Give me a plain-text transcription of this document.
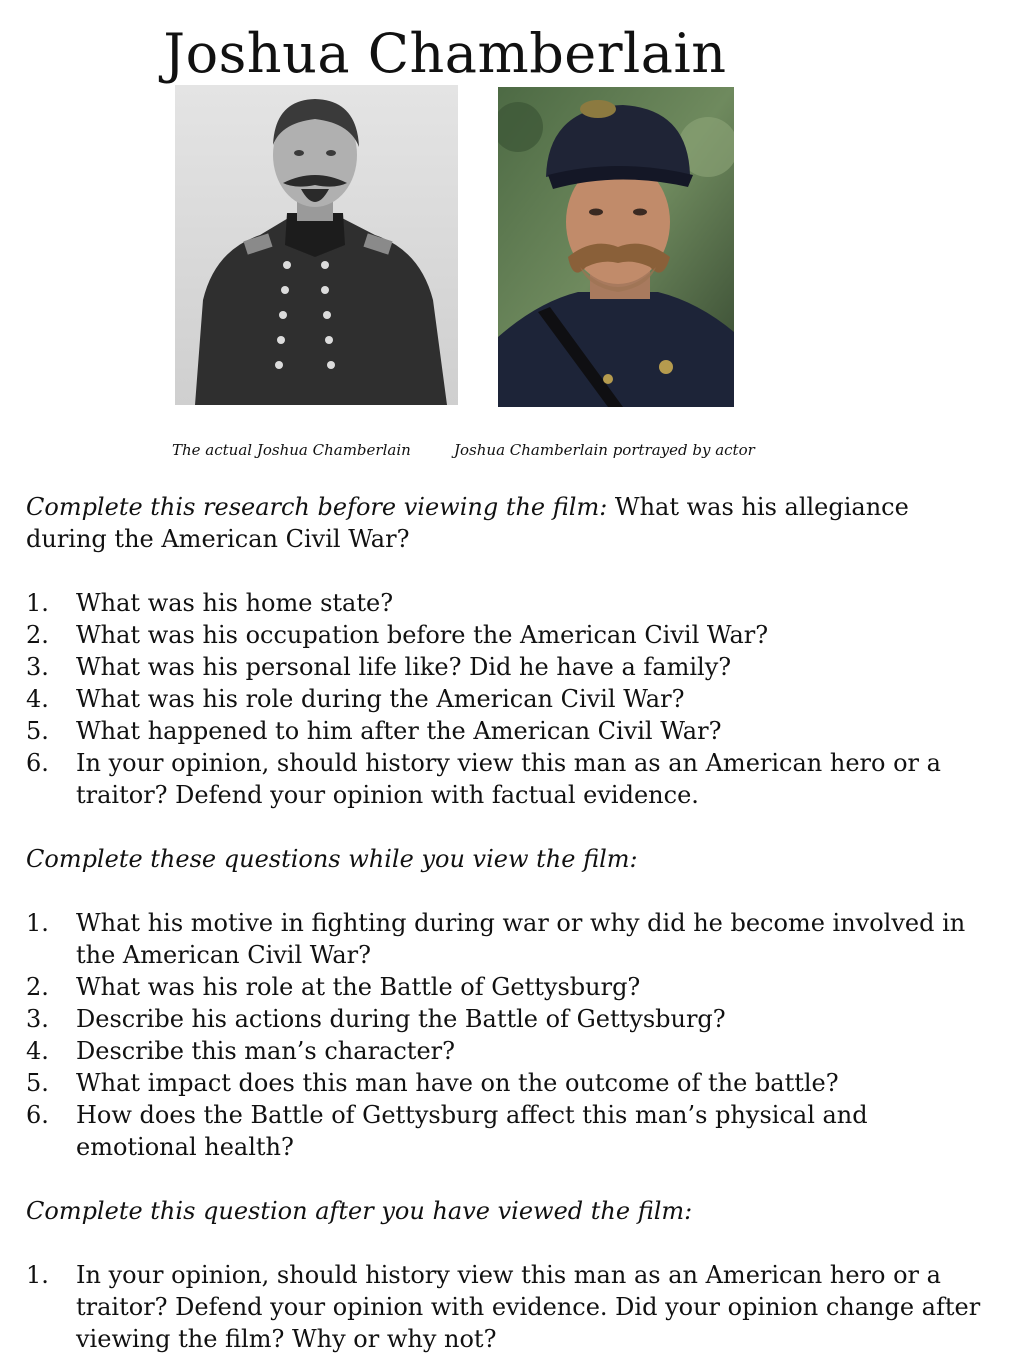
Joshua Chamberlain
The actual Joshua Chamberlain	Joshua Chamberlain portrayed by actor

Complete this research before viewing the film: What was his allegiance during the American Civil War?

1. What was his home state?
2. What was his occupation before the American Civil War?
3. What was his personal life like? Did he have a family?
4. What was his role during the American Civil War?
5. What happened to him after the American Civil War?
6. In your opinion, should history view this man as an American hero or a traitor? Defend your opinion with factual evidence.

Complete these questions while you view the film:

1. What his motive in fighting during war or why did he become involved in the American Civil War?
2. What was his role at the Battle of Gettysburg?
3. Describe his actions during the Battle of Gettysburg?
4. Describe this man’s character?
5. What impact does this man have on the outcome of the battle?
6. How does the Battle of Gettysburg affect this man’s physical and emotional health?

Complete this question after you have viewed the film:

1. In your opinion, should history view this man as an American hero or a traitor? Defend your opinion with evidence. Did your opinion change after viewing the film? Why or why not?
